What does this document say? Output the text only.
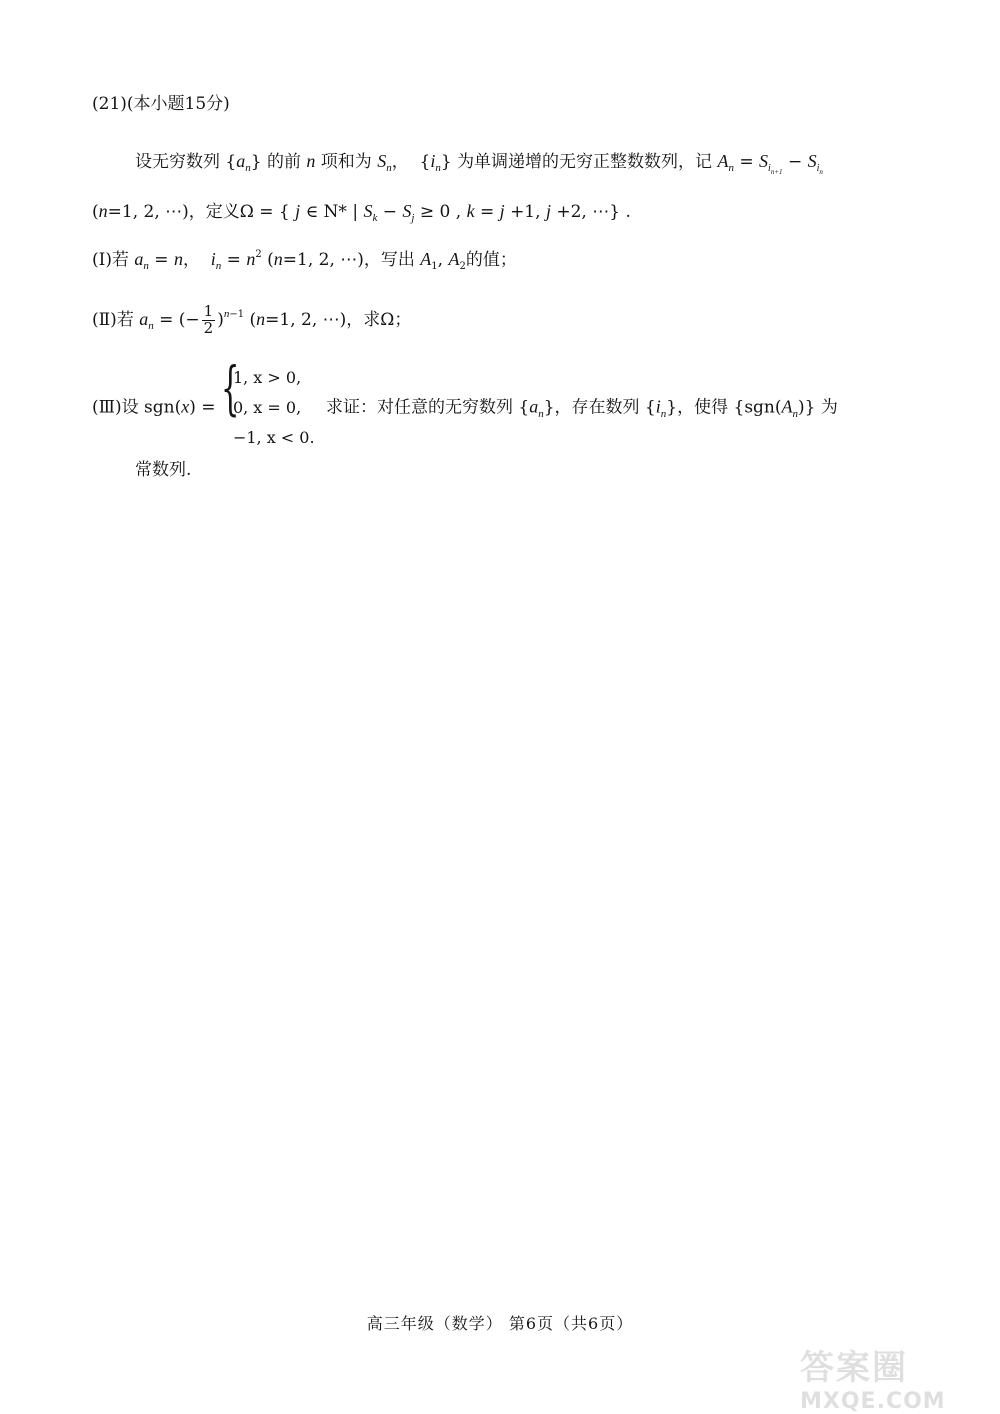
(21)(本小题15分)
设无穷数列 $\{a_n\}$ 的前 n 项和为 $S_n$，  $\{i_n\}$ 为单调递增的无穷正整数数列，记 $A_n = S_{i_{n+1}} - S_{i_n}$
(n=1, 2, ⋯)，定义Ω = { j ∈ N* | $S_k - S_j \ge 0$ , k = j +1, j +2, ⋯} .
(Ⅰ)若 $a_n = n$， $i_n = n^2$ (n=1, 2, ⋯)，写出 $A_1$, $A_2$的值；
(Ⅱ)若 $a_n$ = (− $\frac{1}{2} )^{n-1}$ (n=1, 2, ⋯)，求Ω；
(Ⅲ)设 sgn(x) = {
1, x > 0,
0, x = 0,
−1, x < 0.
求证：对任意的无穷数列 $\{a_n\}$，存在数列 $\{i_n\}$，使得 $\{sgn(A_n)\}$ 为
常数列.
高三年级（数学） 第6页（共6页）
答案圈
MXQE.COM
